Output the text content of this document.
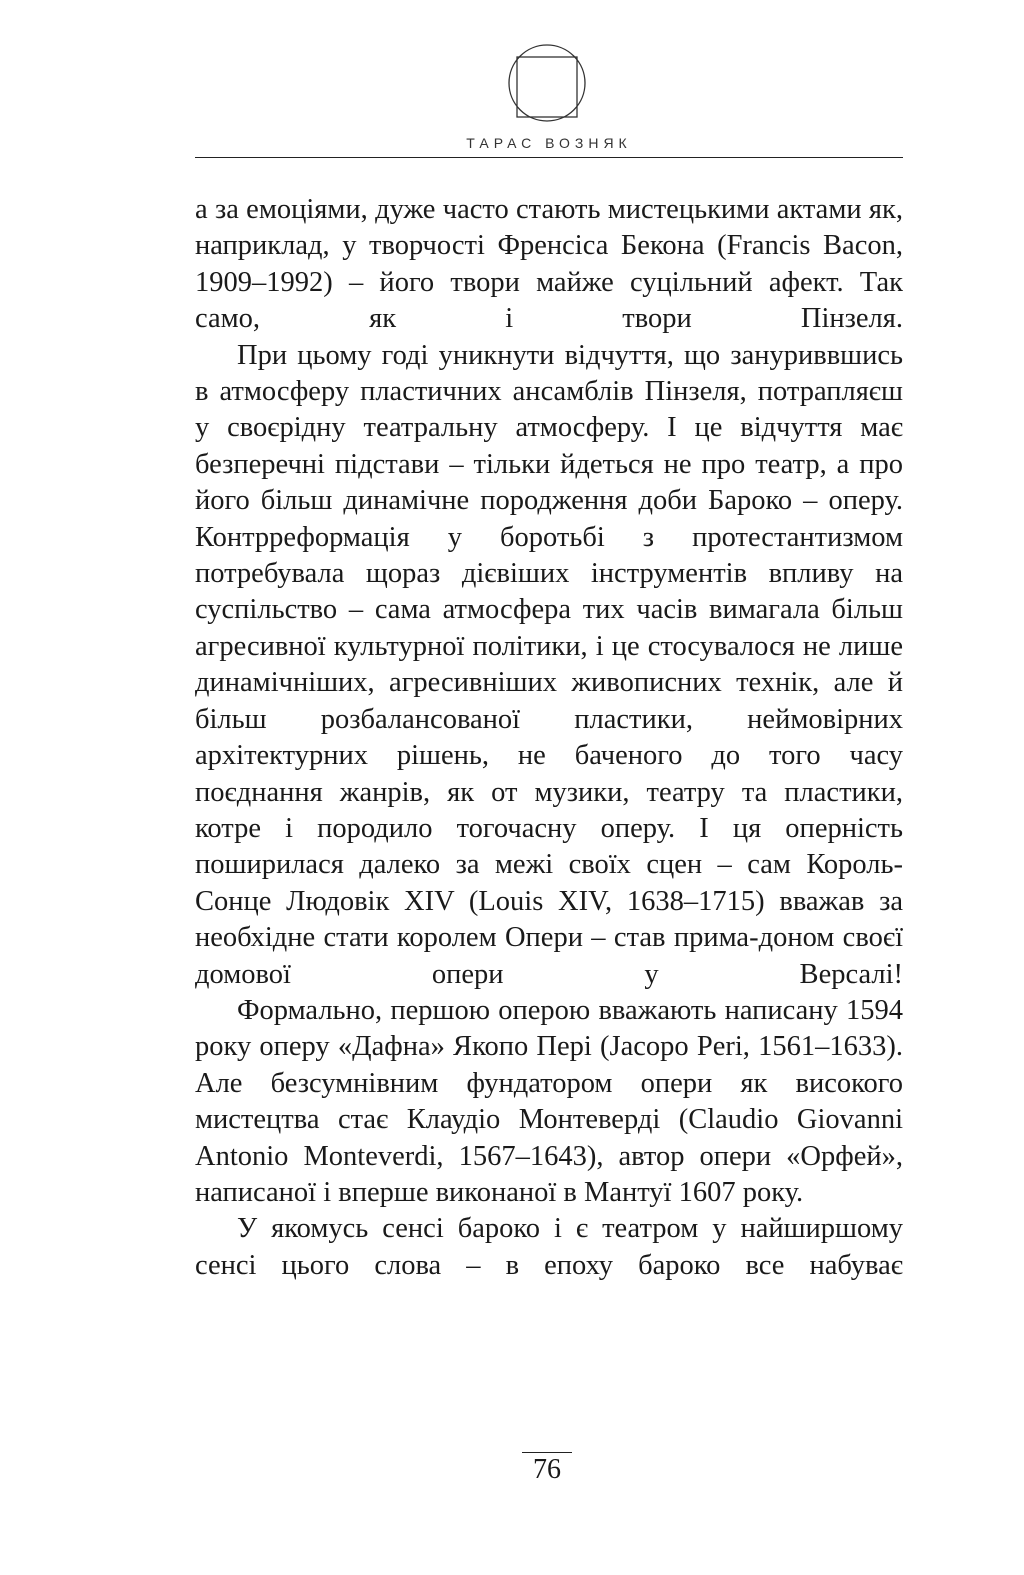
ТАРАС ВОЗНЯК

а за емоціями, дуже часто стають мистецькими актами як, наприклад, у творчості Френсіса Бекона (Francis Bacon, 1909–1992) – його твори майже суцільний афект. Так само, як і твори Пінзеля.

При цьому годі уникнути відчуття, що зануриввшись в атмосферу пластичних ансамблів Пінзеля, потрапляєш у своєрідну театральну атмосферу. І це відчуття має безперечні підстави – тільки йдеться не про театр, а про його більш динамічне породження доби Бароко – оперу. Контрреформація у боротьбі з протестантизмом потребувала щораз дієвіших інструментів впливу на суспільство – сама атмосфера тих часів вимагала більш агресивної культурної політики, і це стосувалося не лише динамічніших, агресивніших живописних технік, але й більш розбалансованої пластики, неймовірних архітектурних рішень, не баченого до того часу поєднання жанрів, як от музики, театру та пластики, котре і породило тогочасну оперу. І ця оперність поширилася далеко за межі своїх сцен – сам Король-Сонце Людовік XIV (Louis XIV, 1638–1715) вважав за необхідне стати королем Опери – став прима-доном своєї домової опери у Версалі!

Формально, першою оперою вважають написану 1594 року оперу «Дафна» Якопо Пері (Jacopo Peri, 1561–1633). Але безсумнівним фундатором опери як високого мистецтва стає Клаудіо Монтеверді (Claudio Giovanni Antonio Monteverdi, 1567–1643), автор опери «Орфей», написаної і вперше виконаної в Мантуї 1607 року.

У якомусь сенсі бароко і є театром у найширшому сенсі цього слова – в епоху бароко все набуває

76
